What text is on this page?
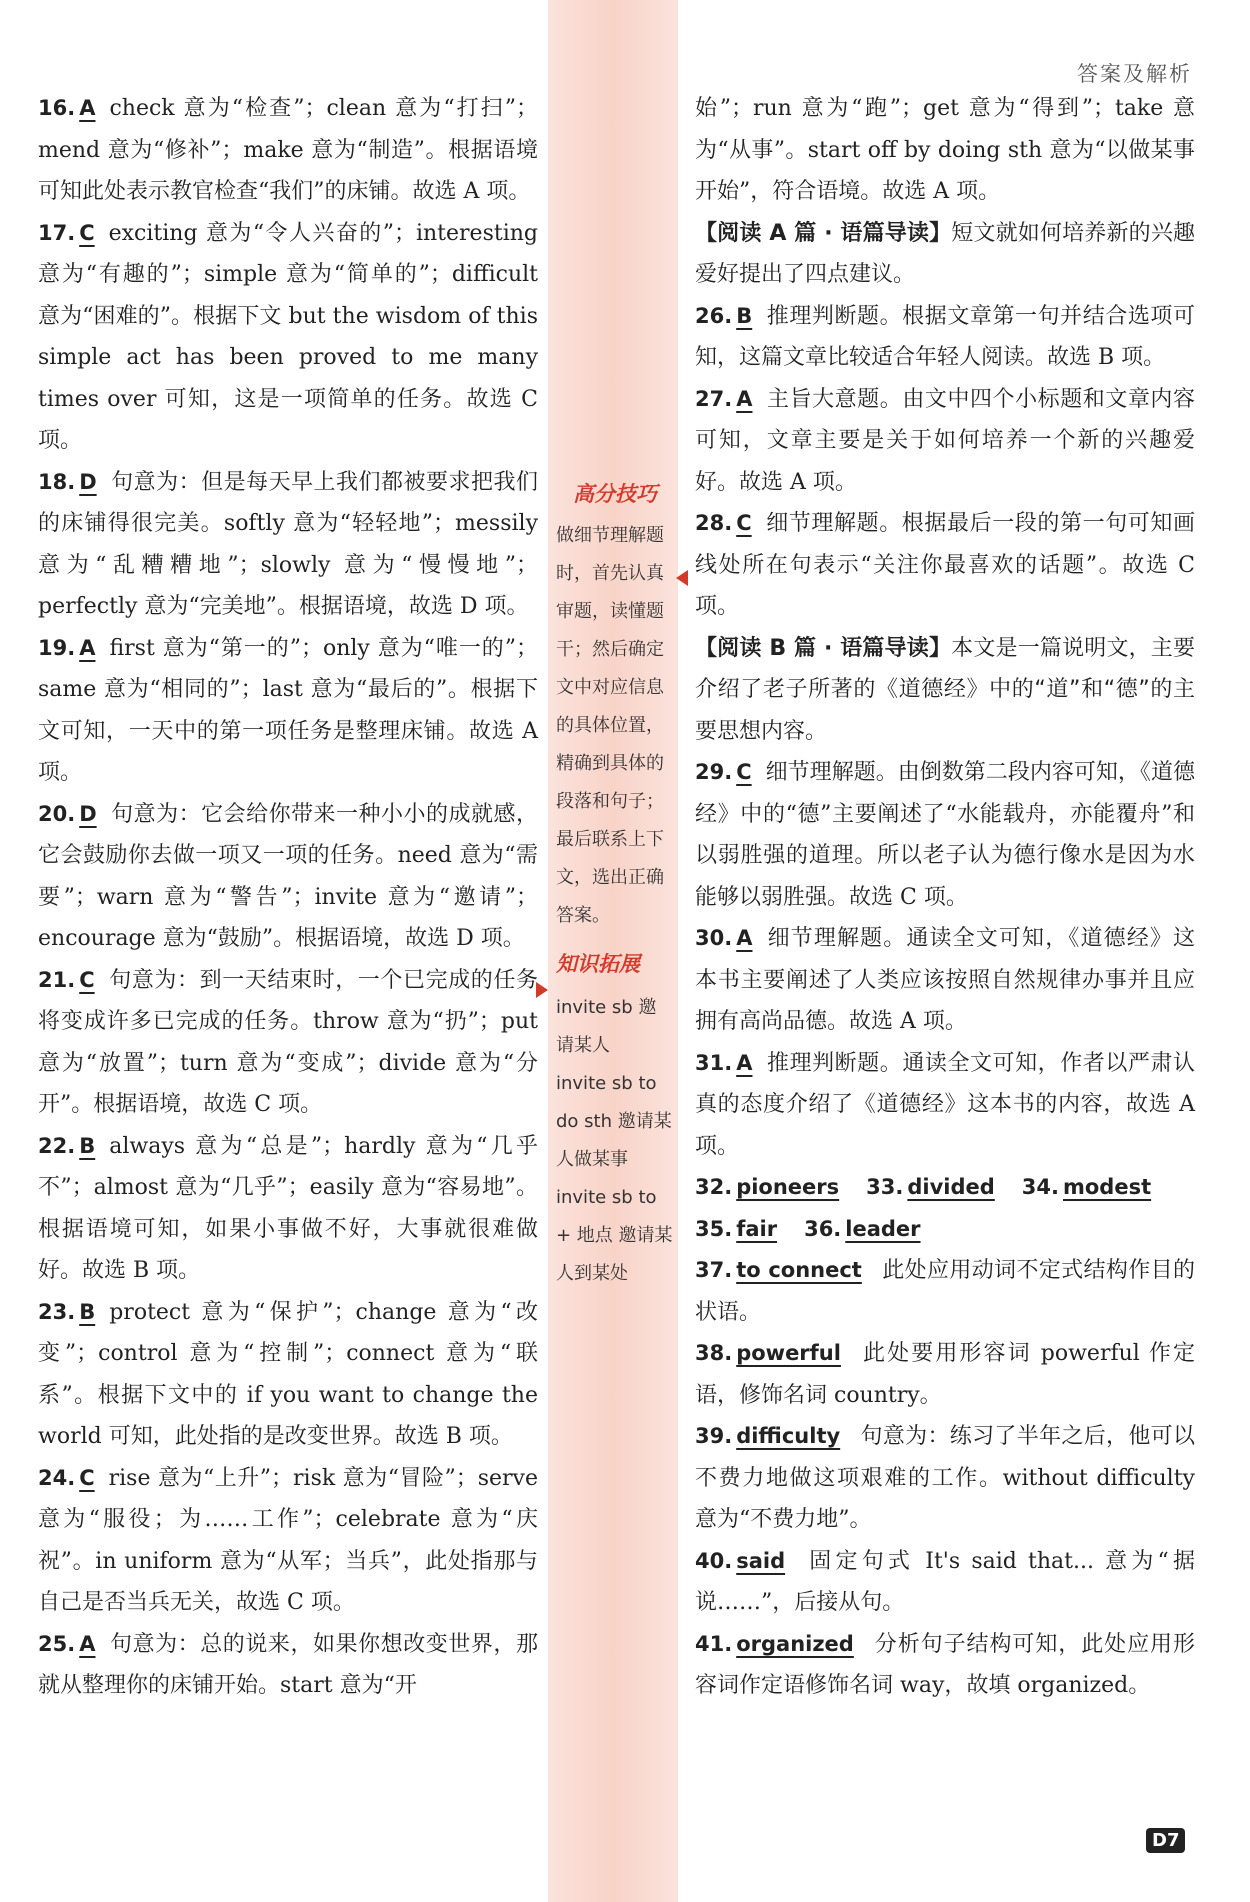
答案及解析
高分技巧
做细节理解题时，首先认真审题，读懂题干；然后确定文中对应信息的具体位置，精确到具体的段落和句子；最后联系上下文，选出正确答案。
知识拓展
invite sb 邀请某人
invite sb to do sth 邀请某人做某事
invite sb to + 地点 邀请某人到某处

16. A check 意为“检查”；clean 意为“打扫”；mend 意为“修补”；make 意为“制造”。根据语境可知此处表示教官检查“我们”的床铺。故选 A 项。

17. C exciting 意为“令人兴奋的”；interesting 意为“有趣的”；simple 意为“简单的”；difficult 意为“困难的”。根据下文 but the wisdom of this simple act has been proved to me many times over 可知，这是一项简单的任务。故选 C 项。

18. D 句意为：但是每天早上我们都被要求把我们的床铺得很完美。softly 意为“轻轻地”；messily 意为“乱糟糟地”；slowly 意为“慢慢地”；perfectly 意为“完美地”。根据语境，故选 D 项。

19. A first 意为“第一的”；only 意为“唯一的”；same 意为“相同的”；last 意为“最后的”。根据下文可知，一天中的第一项任务是整理床铺。故选 A 项。

20. D 句意为：它会给你带来一种小小的成就感，它会鼓励你去做一项又一项的任务。need 意为“需要”；warn 意为“警告”；invite 意为“邀请”；encourage 意为“鼓励”。根据语境，故选 D 项。

21. C 句意为：到一天结束时，一个已完成的任务将变成许多已完成的任务。throw 意为“扔”；put 意为“放置”；turn 意为“变成”；divide 意为“分开”。根据语境，故选 C 项。

22. B always 意为“总是”；hardly 意为“几乎不”；almost 意为“几乎”；easily 意为“容易地”。根据语境可知，如果小事做不好，大事就很难做好。故选 B 项。

23. B protect 意为“保护”；change 意为“改变”；control 意为“控制”；connect 意为“联系”。根据下文中的 if you want to change the world 可知，此处指的是改变世界。故选 B 项。

24. C rise 意为“上升”；risk 意为“冒险”；serve 意为“服役；为……工作”；celebrate 意为“庆祝”。in uniform 意为“从军；当兵”，此处指那与自己是否当兵无关，故选 C 项。

25. A 句意为：总的说来，如果你想改变世界，那就从整理你的床铺开始。start 意为“开

始”；run 意为“跑”；get 意为“得到”；take 意为“从事”。start off by doing sth 意为“以做某事开始”，符合语境。故选 A 项。

【阅读 A 篇 · 语篇导读】短文就如何培养新的兴趣爱好提出了四点建议。

26. B 推理判断题。根据文章第一句并结合选项可知，这篇文章比较适合年轻人阅读。故选 B 项。

27. A 主旨大意题。由文中四个小标题和文章内容可知，文章主要是关于如何培养一个新的兴趣爱好。故选 A 项。

28. C 细节理解题。根据最后一段的第一句可知画线处所在句表示“关注你最喜欢的话题”。故选 C 项。

【阅读 B 篇 · 语篇导读】本文是一篇说明文，主要介绍了老子所著的《道德经》中的“道”和“德”的主要思想内容。

29. C 细节理解题。由倒数第二段内容可知，《道德经》中的“德”主要阐述了“水能载舟，亦能覆舟”和以弱胜强的道理。所以老子认为德行像水是因为水能够以弱胜强。故选 C 项。

30. A 细节理解题。通读全文可知，《道德经》这本书主要阐述了人类应该按照自然规律办事并且应拥有高尚品德。故选 A 项。

31. A 推理判断题。通读全文可知，作者以严肃认真的态度介绍了《道德经》这本书的内容，故选 A 项。

32. pioneers 33. divided 34. modest

35. fair 36. leader

37. to connect 此处应用动词不定式结构作目的状语。

38. powerful 此处要用形容词 powerful 作定语，修饰名词 country。

39. difficulty 句意为：练习了半年之后，他可以不费力地做这项艰难的工作。without difficulty 意为“不费力地”。

40. said 固定句式 It's said that... 意为“据说……”，后接从句。

41. organized 分析句子结构可知，此处应用形容词作定语修饰名词 way，故填 organized。

D7
